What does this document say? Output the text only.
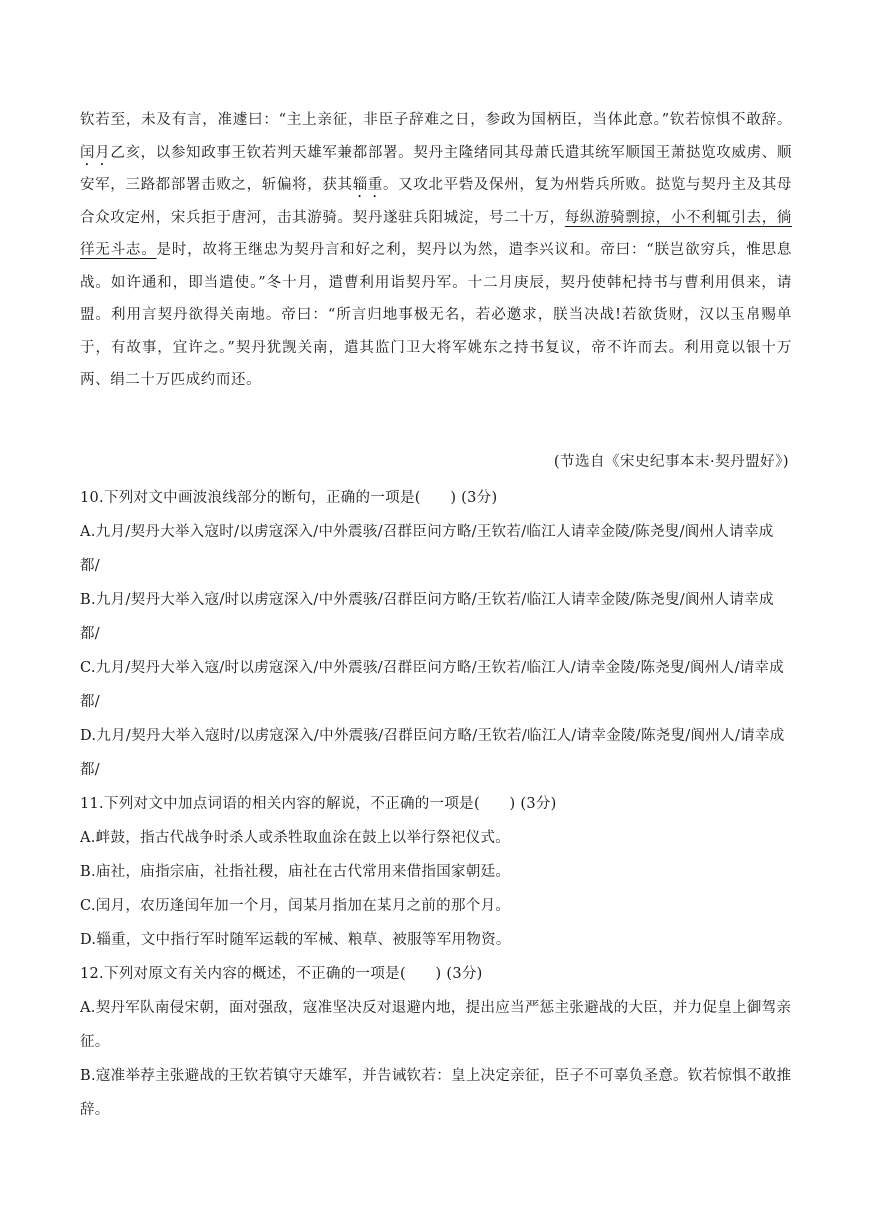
钦若至，未及有言，准遽曰：“主上亲征，非臣子辞难之日，参政为国柄臣，当体此意。”钦若惊惧不敢辞。闰月乙亥，以参知政事王钦若判天雄军兼都部署。契丹主隆绪同其母萧氏遣其统军顺国王萧挞览攻威虏、顺安军，三路都部署击败之，斩偏将，获其辎重。又攻北平砦及保州，复为州砦兵所败。挞览与契丹主及其母合众攻定州，宋兵拒于唐河，击其游骑。契丹遂驻兵阳城淀，号二十万，每纵游骑剽掠，小不利辄引去，徜徉无斗志。是时，故将王继忠为契丹言和好之利，契丹以为然，遣李兴议和。帝曰：“朕岂欲穷兵，惟思息战。如许通和，即当遣使。”冬十月，遣曹利用诣契丹军。十二月庚辰，契丹使韩杞持书与曹利用俱来，请盟。利用言契丹欲得关南地。帝曰：“所言归地事极无名，若必邀求，朕当决战!若欲货财，汉以玉帛赐单于，有故事，宜许之。”契丹犹觊关南，遣其监门卫大将军姚东之持书复议，帝不许而去。利用竟以银十万两、绢二十万匹成约而还。

(节选自《宋史纪事本末·契丹盟好》)

10.下列对文中画波浪线部分的断句，正确的一项是(　　) (3分)

A.九月/契丹大举入寇时/以虏寇深入/中外震骇/召群臣问方略/王钦若/临江人请幸金陵/陈尧叟/阆州人请幸成都/

B.九月/契丹大举入寇/时以虏寇深入/中外震骇/召群臣问方略/王钦若/临江人请幸金陵/陈尧叟/阆州人请幸成都/

C.九月/契丹大举入寇/时以虏寇深入/中外震骇/召群臣问方略/王钦若/临江人/请幸金陵/陈尧叟/阆州人/请幸成都/

D.九月/契丹大举入寇时/以虏寇深入/中外震骇/召群臣问方略/王钦若/临江人/请幸金陵/陈尧叟/阆州人/请幸成都/

11.下列对文中加点词语的相关内容的解说，不正确的一项是(　　) (3分)

A.衅鼓，指古代战争时杀人或杀牲取血涂在鼓上以举行祭祀仪式。

B.庙社，庙指宗庙，社指社稷，庙社在古代常用来借指国家朝廷。

C.闰月，农历逢闰年加一个月，闰某月指加在某月之前的那个月。

D.辎重，文中指行军时随军运载的军械、粮草、被服等军用物资。

12.下列对原文有关内容的概述，不正确的一项是(　　) (3分)

A.契丹军队南侵宋朝，面对强敌，寇准坚决反对退避内地，提出应当严惩主张避战的大臣，并力促皇上御驾亲征。

B.寇准举荐主张避战的王钦若镇守天雄军，并告诫钦若：皇上决定亲征，臣子不可辜负圣意。钦若惊惧不敢推辞。
